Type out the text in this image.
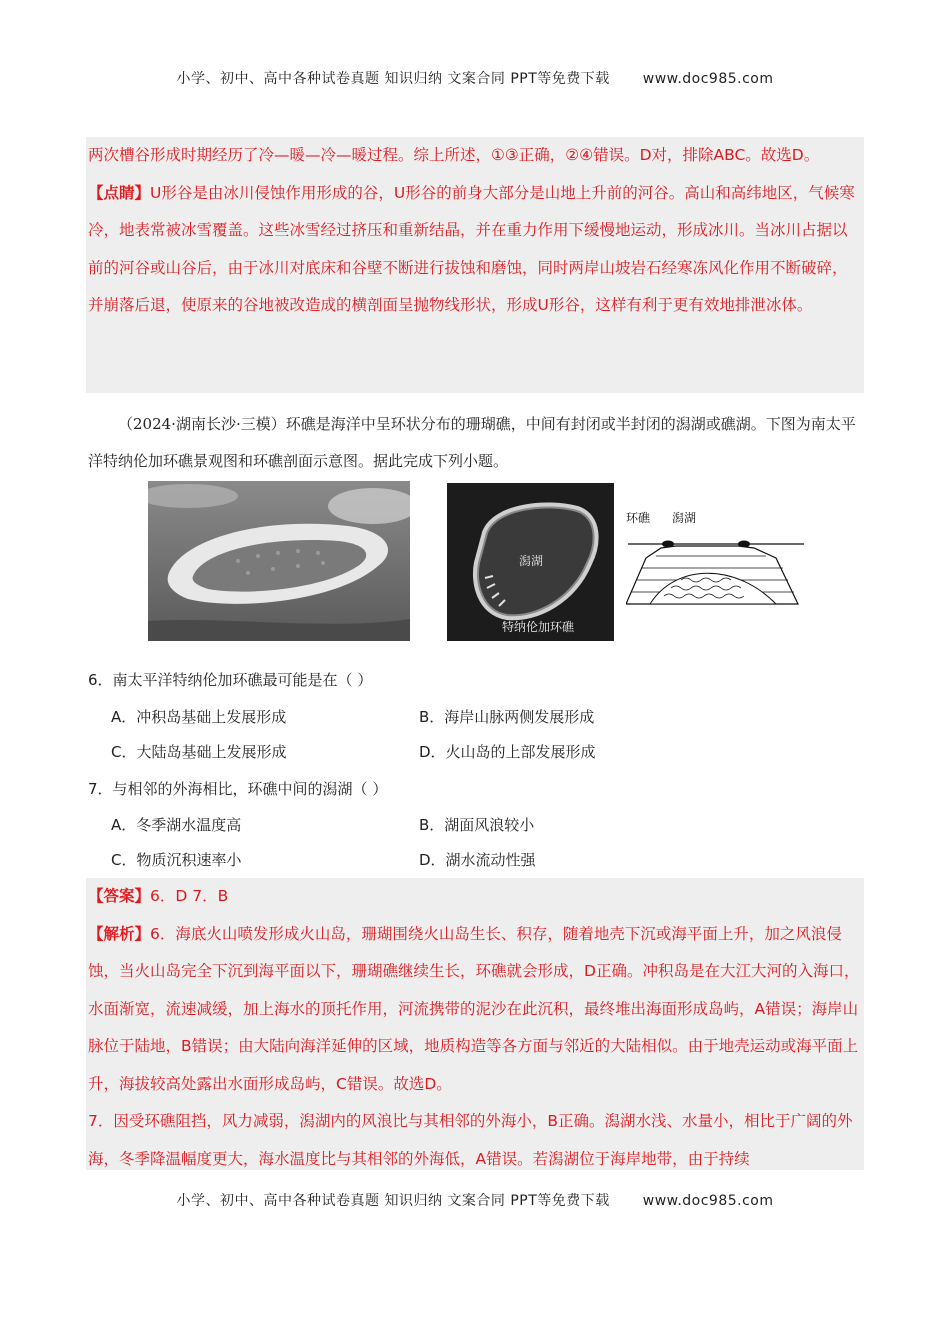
小学、初中、高中各种试卷真题 知识归纳 文案合同 PPT等免费下载 www.doc985.com

两次槽谷形成时期经历了冷—暖—冷—暖过程。综上所述，①③正确，②④错误。D对，排除ABC。故选D。

【点睛】U形谷是由冰川侵蚀作用形成的谷，U形谷的前身大部分是山地上升前的河谷。高山和高纬地区，气候寒冷，地表常被冰雪覆盖。这些冰雪经过挤压和重新结晶，并在重力作用下缓慢地运动，形成冰川。当冰川占据以前的河谷或山谷后，由于冰川对底床和谷壁不断进行拔蚀和磨蚀，同时两岸山坡岩石经寒冻风化作用不断破碎，并崩落后退，使原来的谷地被改造成的横剖面呈抛物线形状，形成U形谷，这样有利于更有效地排泄冰体。

（2024·湖南长沙·三模）环礁是海洋中呈环状分布的珊瑚礁，中间有封闭或半封闭的潟湖或礁湖。下图为南太平洋特纳伦加环礁景观图和环礁剖面示意图。据此完成下列小题。
潟湖
特纳伦加环礁
环礁 潟湖
6．南太平洋特纳伦加环礁最可能是在（ ）
A．冲积岛基础上发展形成	B．海岸山脉两侧发展形成
C．大陆岛基础上发展形成	D．火山岛的上部发展形成
7．与相邻的外海相比，环礁中间的潟湖（ ）
A．冬季湖水温度高	B．湖面风浪较小
C．物质沉积速率小	D．湖水流动性强

【答案】6．D 7．B

【解析】6．海底火山喷发形成火山岛，珊瑚围绕火山岛生长、积存，随着地壳下沉或海平面上升，加之风浪侵蚀，当火山岛完全下沉到海平面以下，珊瑚礁继续生长，环礁就会形成，D正确。冲积岛是在大江大河的入海口，水面渐宽，流速减缓，加上海水的顶托作用，河流携带的泥沙在此沉积，最终堆出海面形成岛屿，A错误；海岸山脉位于陆地，B错误；由大陆向海洋延伸的区域，地质构造等各方面与邻近的大陆相似。由于地壳运动或海平面上升，海拔较高处露出水面形成岛屿，C错误。故选D。

7．因受环礁阻挡，风力减弱，潟湖内的风浪比与其相邻的外海小，B正确。潟湖水浅、水量小，相比于广阔的外海，冬季降温幅度更大，海水温度比与其相邻的外海低，A错误。若潟湖位于海岸地带，由于持续

小学、初中、高中各种试卷真题 知识归纳 文案合同 PPT等免费下载 www.doc985.com
